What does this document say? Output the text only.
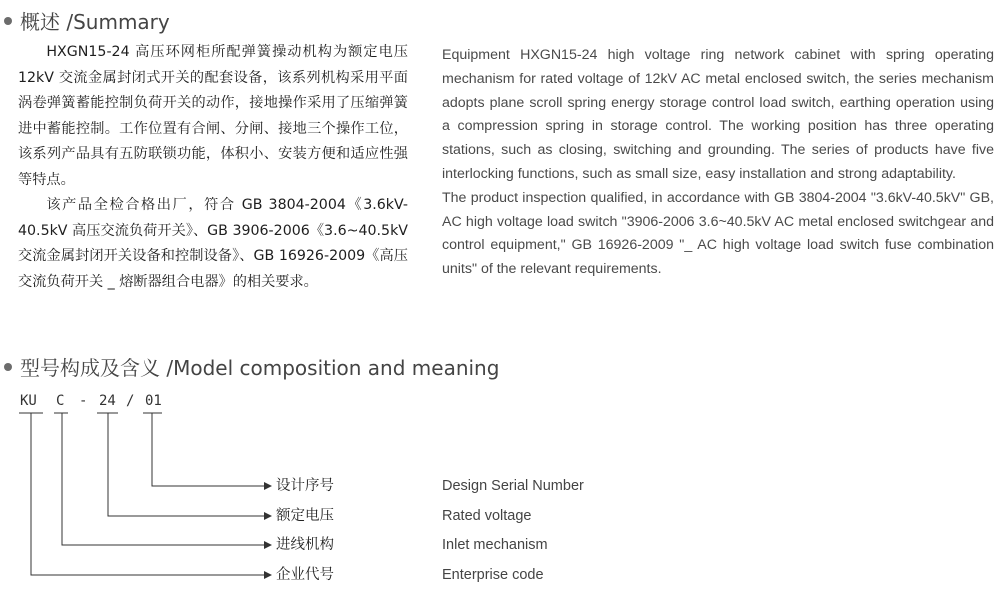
概述 /Summary

HXGN15-24 高压环网柜所配弹簧操动机构为额定电压 12kV 交流金属封闭式开关的配套设备，该系列机构采用平面涡卷弹簧蓄能控制负荷开关的动作，接地操作采用了压缩弹簧进中蓄能控制。工作位置有合闸、分闸、接地三个操作工位，该系列产品具有五防联锁功能，体积小、安装方便和适应性强等特点。

该产品全检合格出厂，符合 GB 3804-2004《3.6kV-40.5kV 高压交流负荷开关》、GB 3906-2006《3.6~40.5kV 交流金属封闭开关设备和控制设备》、GB 16926-2009《高压交流负荷开关 _ 熔断器组合电器》的相关要求。

Equipment HXGN15-24 high voltage ring network cabinet with spring operating mechanism for rated voltage of 12kV AC metal enclosed switch, the series mechanism adopts plane scroll spring energy storage control load switch, earthing operation using a compression spring in storage control. The working position has three operating stations, such as closing, switching and grounding. The series of products have five interlocking functions, such as small size, easy installation and strong adaptability.

The product inspection qualified, in accordance with GB 3804-2004 "3.6kV-40.5kV" GB, AC high voltage load switch "3906-2006 3.6~40.5kV AC metal enclosed switchgear and control equipment," GB 16926-2009 "_ AC high voltage load switch fuse combination units" of the relevant requirements.

型号构成及含义 /Model composition and meaning
KU C - 24 / 01
设计序号	Design Serial Number
额定电压	Rated voltage
进线机构	Inlet mechanism
企业代号	Enterprise code
